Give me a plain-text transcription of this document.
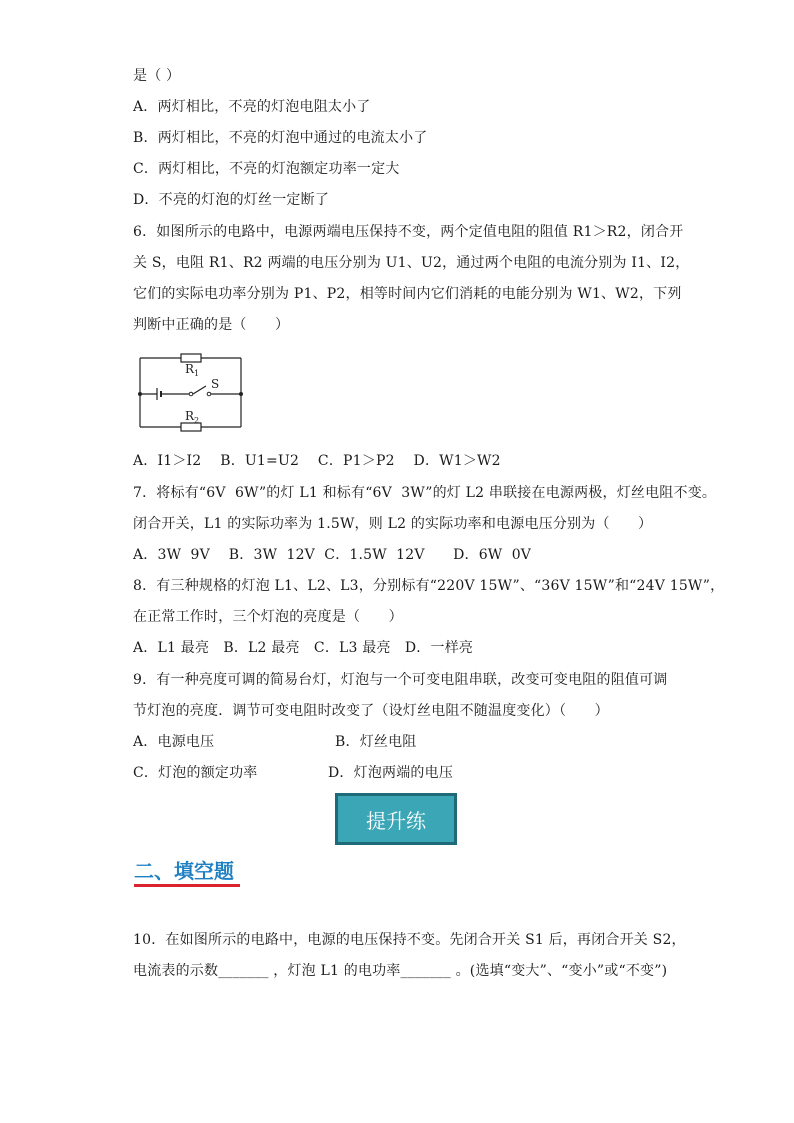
是（ ）
A．两灯相比，不亮的灯泡电阻太小了
B．两灯相比，不亮的灯泡中通过的电流太小了
C．两灯相比，不亮的灯泡额定功率一定大
D．不亮的灯泡的灯丝一定断了
6．如图所示的电路中，电源两端电压保持不变，两个定值电阻的阻值 R1＞R2，闭合开
关 S，电阻 R1、R2 两端的电压分别为 U1、U2，通过两个电阻的电流分别为 I1、I2，
它们的实际电功率分别为 P1、P2，相等时间内它们消耗的电能分别为 W1、W2，下列
判断中正确的是（　　）
$R_1$
S
$R_2$
A．I1＞I2　 B．U1=U2　 C．P1＞P2　 D．W1＞W2
7．将标有“6V  6W”的灯 L1 和标有“6V  3W”的灯 L2 串联接在电源两极，灯丝电阻不变。
闭合开关，L1 的实际功率为 1.5W，则 L2 的实际功率和电源电压分别为（　　）
A．3W  9V　 B．3W  12V  C．1.5W  12V　　D．6W  0V
8．有三种规格的灯泡 L1、L2、L3，分别标有“220V 15W”、“36V 15W”和“24V 15W”，
在正常工作时，三个灯泡的亮度是（　　）
A．L1 最亮　B．L2 最亮　C．L3 最亮　D．一样亮
9．有一种亮度可调的简易台灯，灯泡与一个可变电阻串联，改变可变电阻的阻值可调
节灯泡的亮度．调节可变电阻时改变了（设灯丝电阻不随温度变化）（　　）
A．电源电压	B．灯丝电阻
C．灯泡的额定功率	D．灯泡两端的电压
提升练
二、填空题
10．在如图所示的电路中，电源的电压保持不变。先闭合开关 S1 后，再闭合开关 S2，
电流表的示数_______ ，灯泡 L1 的电功率_______ 。(选填“变大”、“变小”或“不变”)
